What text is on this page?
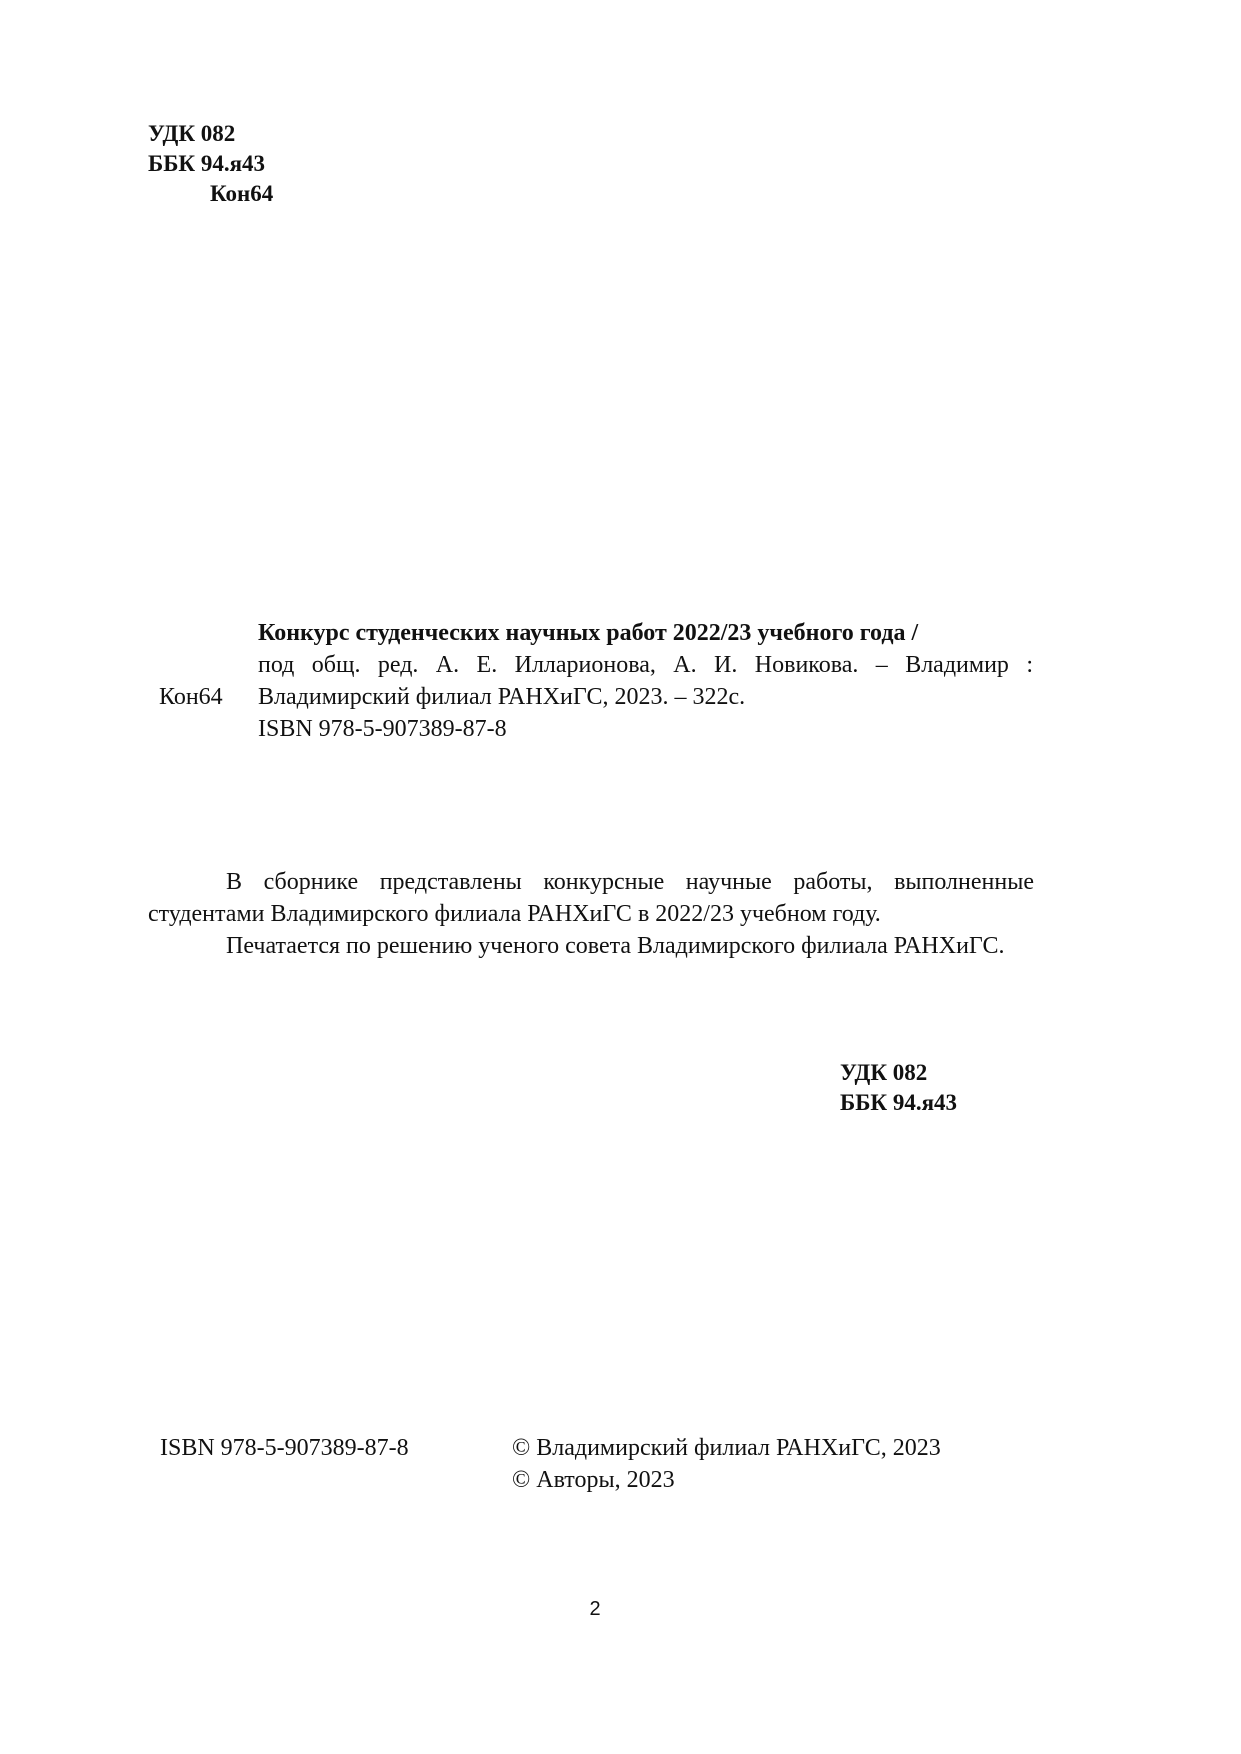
УДК 082
ББК 94.я43
Кон64
Кон64
Конкурс студенческих научных работ 2022/23 учебного года /
под общ. ред. А. Е. Илларионова, А. И. Новикова. – Владимир :
Владимирский филиал РАНХиГС, 2023. – 322с.
ISBN 978-5-907389-87-8

В сборнике представлены конкурсные научные работы, выполненные студентами Владимирского филиала РАНХиГС в 2022/23 учебном году.

Печатается по решению ученого совета Владимирского филиала РАНХиГС.

УДК 082
ББК 94.я43
ISBN 978-5-907389-87-8	© Владимирский филиал РАНХиГС, 2023
© Авторы, 2023
2
